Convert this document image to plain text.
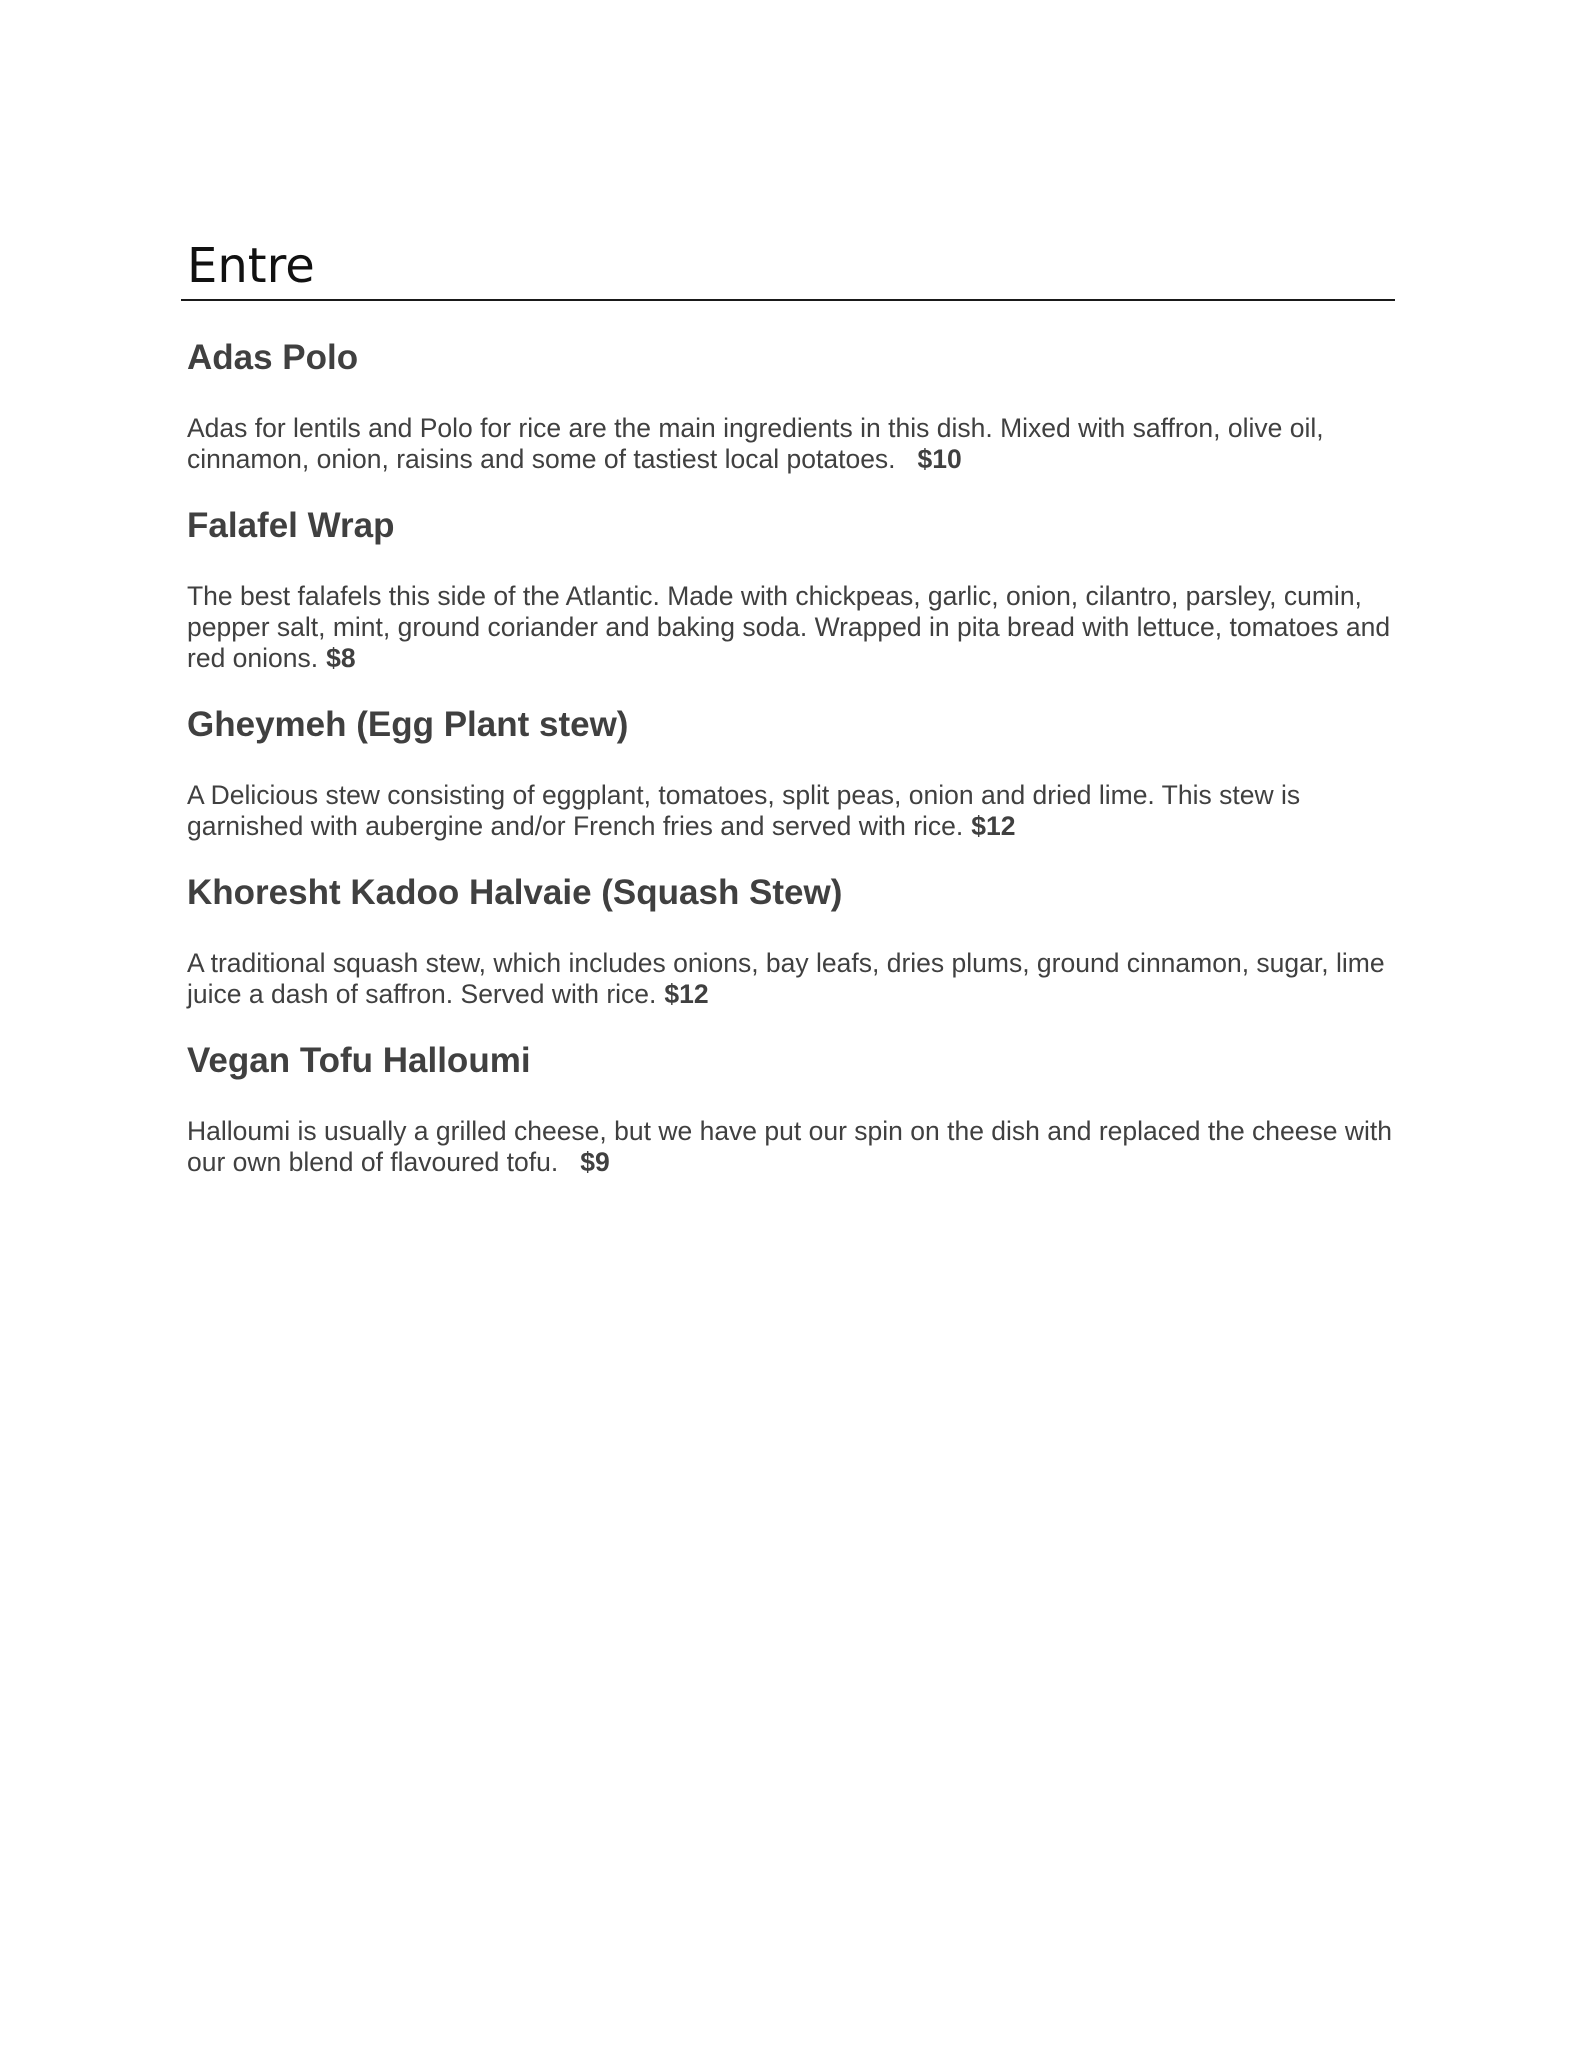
Entre
Adas Polo
Adas for lentils and Polo for rice are the main ingredients in this dish. Mixed with saffron, olive oil, cinnamon, onion, raisins and some of tastiest local potatoes. $10
Falafel Wrap
The best falafels this side of the Atlantic. Made with chickpeas, garlic, onion, cilantro, parsley, cumin, pepper salt, mint, ground coriander and baking soda. Wrapped in pita bread with lettuce, tomatoes and red onions. $8
Gheymeh (Egg Plant stew)
A Delicious stew consisting of eggplant, tomatoes, split peas, onion and dried lime. This stew is garnished with aubergine and/or French fries and served with rice. $12
Khoresht Kadoo Halvaie (Squash Stew)
A traditional squash stew, which includes onions, bay leafs, dries plums, ground cinnamon, sugar, lime juice a dash of saffron. Served with rice. $12
Vegan Tofu Halloumi
Halloumi is usually a grilled cheese, but we have put our spin on the dish and replaced the cheese with our own blend of flavoured tofu. $9
